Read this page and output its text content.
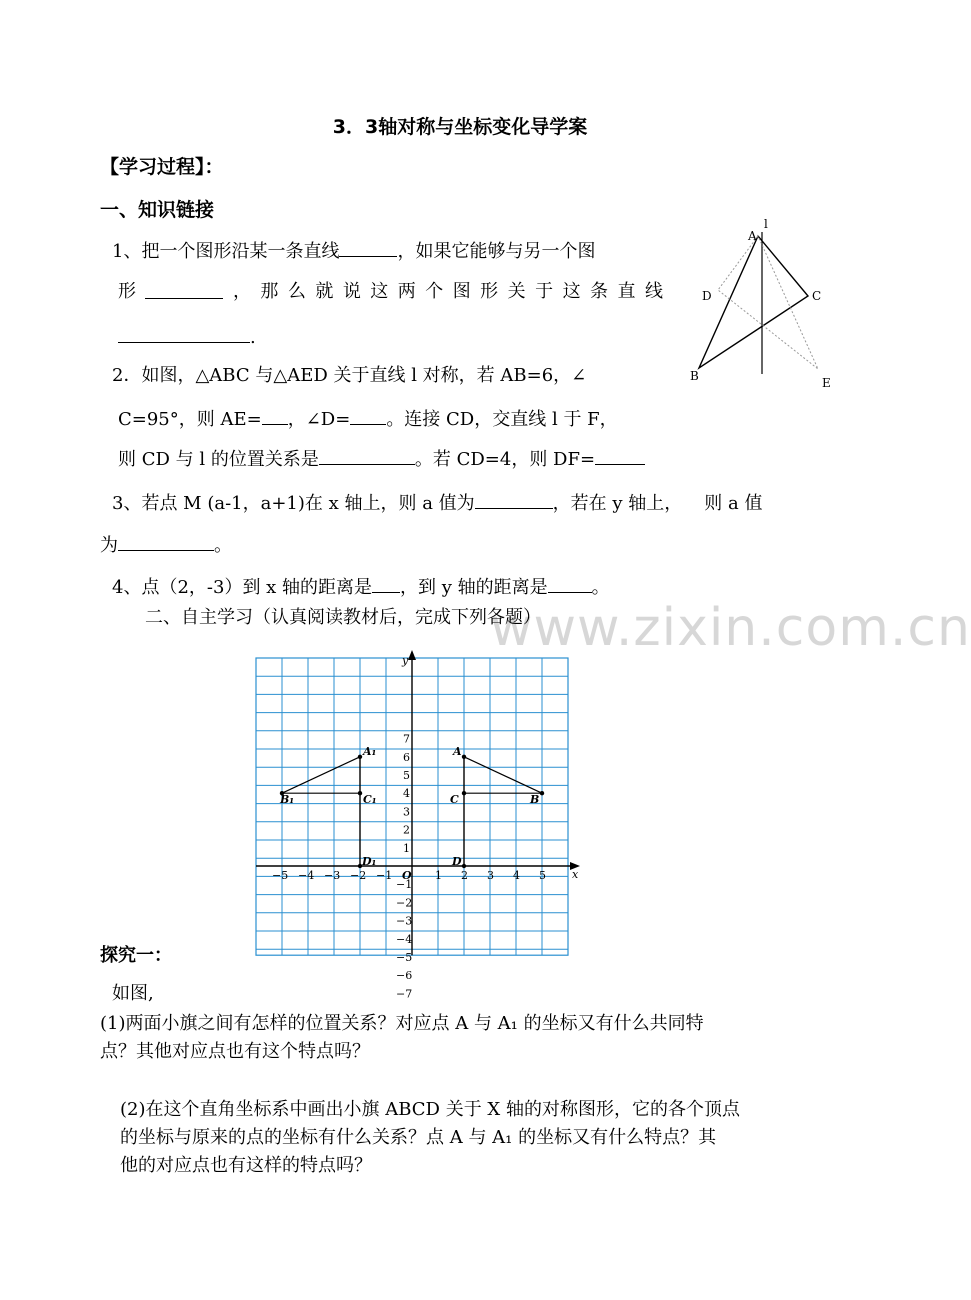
3．3轴对称与坐标变化导学案
【学习过程】：
一、知识链接
1、把一个图形沿某一条直线	，如果它能够与另一个图
形	， 那 么 就 说 这 两 个 图 形 关 于 这 条 直 线
.
A
l
B
C
D
E
2．如图，△ABC 与△AED 关于直线 l 对称，若 AB=6，∠
C=95°，则 AE= ，∠D= 。连接 CD，交直线 l 于 F，
则 CD 与 l 的位置关系是	。若 CD=4，则 DF=
3、若点 M (a-1，a+1)在 x 轴上，则 a 值为	，若在 y 轴上， 则 a 值
为	。
4、点（2，-3）到 x 轴的距离是 ，到 y 轴的距离是 。
www.zixin.com.cn
二、自主学习（认真阅读教材后，完成下列各题）
x
y
O
−5 −4 −3 −2 −1	1 2 3 4 5
−7
−6
−5
−4
−3
−2
−1
1
2
3
4
5
6
7
A
B
C
D
A₁
B₁	C₁
D₁
探究一：
如图,
(1)两面小旗之间有怎样的位置关系？对应点 A 与 A₁ 的坐标又有什么共同特
点？其他对应点也有这个特点吗？
(2)在这个直角坐标系中画出小旗 ABCD 关于 X 轴的对称图形，它的各个顶点
的坐标与原来的点的坐标有什么关系？点 A 与 A₁ 的坐标又有什么特点？其
他的对应点也有这样的特点吗？
